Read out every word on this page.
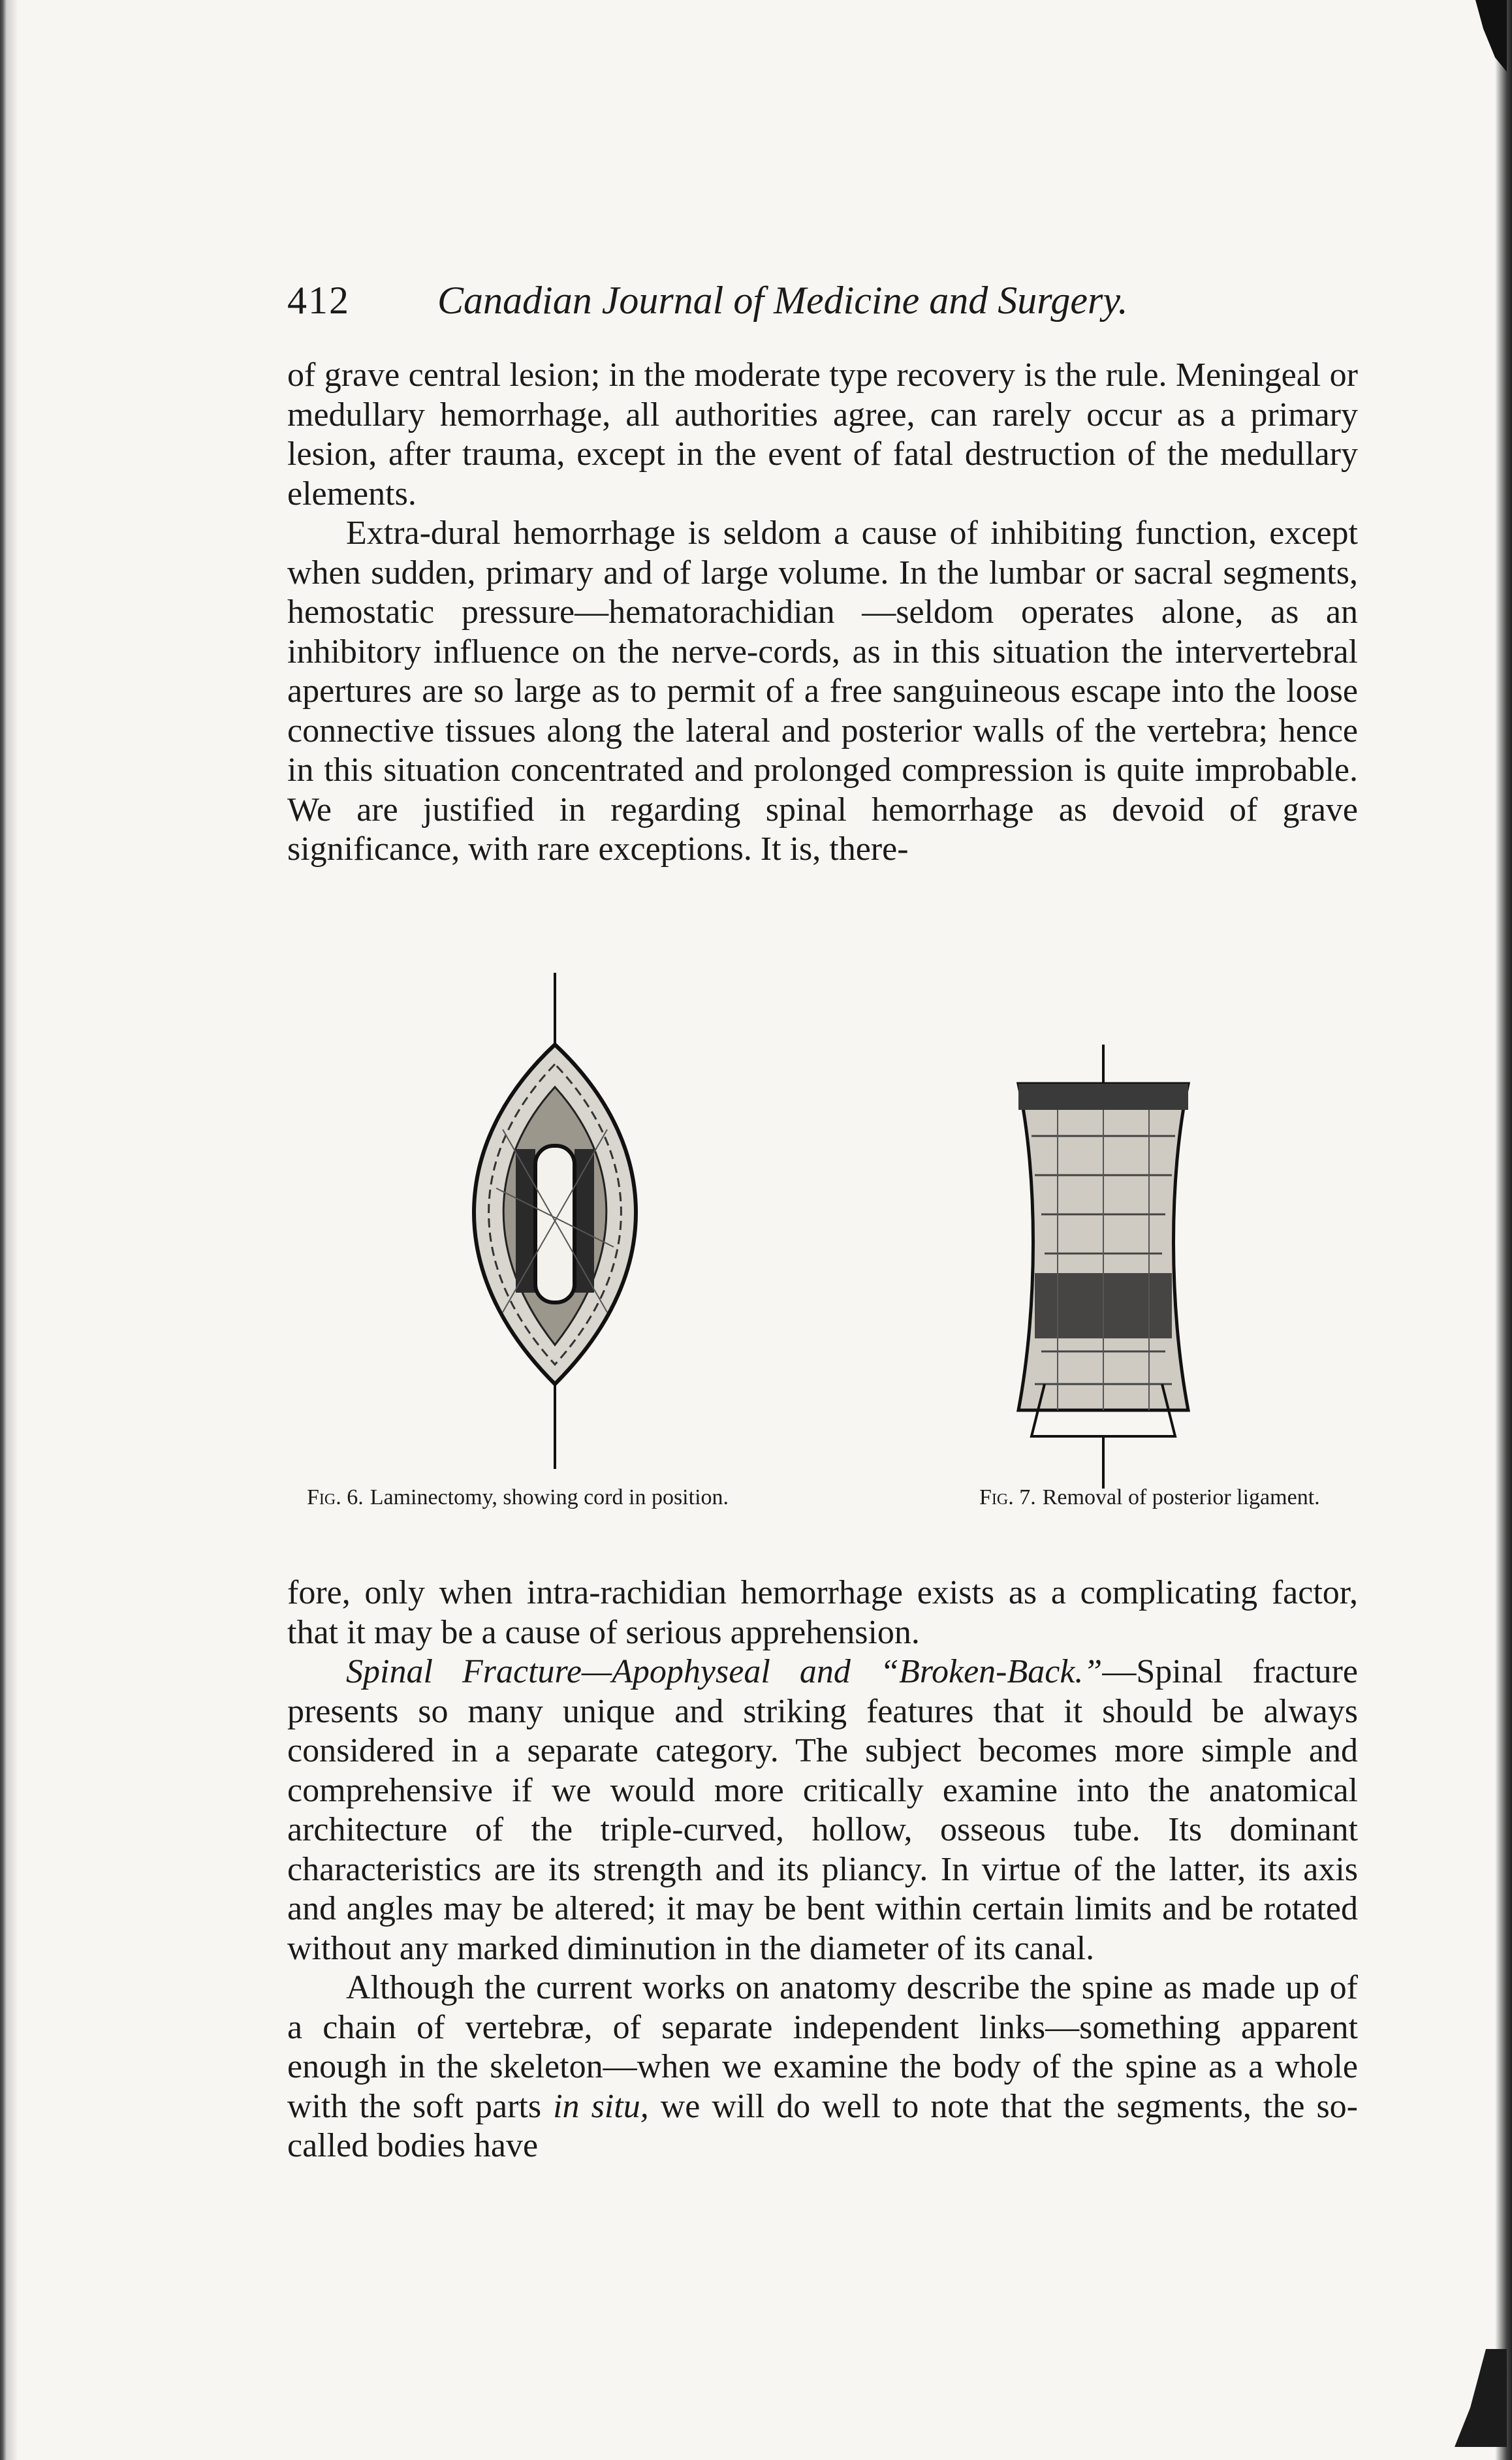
412 Canadian Journal of Medicine and Surgery.

of grave central lesion; in the moderate type recovery is the rule. Meningeal or medullary hemorrhage, all authorities agree, can rarely occur as a primary lesion, after trauma, except in the event of fatal destruction of the medullary elements.

Extra-dural hemorrhage is seldom a cause of inhibiting function, except when sudden, primary and of large volume. In the lumbar or sacral segments, hemostatic pressure—hematorachidian —seldom operates alone, as an inhibitory influence on the nerve-cords, as in this situation the intervertebral apertures are so large as to permit of a free sanguineous escape into the loose connective tissues along the lateral and posterior walls of the vertebra; hence in this situation concentrated and prolonged compression is quite improbable. We are justified in regarding spinal hemorrhage as devoid of grave significance, with rare exceptions. It is, there-

Fig. 6. Laminectomy, showing cord in position.	Fig. 7. Removal of posterior ligament.

fore, only when intra-rachidian hemorrhage exists as a complicating factor, that it may be a cause of serious apprehension.

Spinal Fracture—Apophyseal and “Broken-Back.”—Spinal fracture presents so many unique and striking features that it should be always considered in a separate category. The subject becomes more simple and comprehensive if we would more critically examine into the anatomical architecture of the triple-curved, hollow, osseous tube. Its dominant characteristics are its strength and its pliancy. In virtue of the latter, its axis and angles may be altered; it may be bent within certain limits and be rotated without any marked diminution in the diameter of its canal.

Although the current works on anatomy describe the spine as made up of a chain of vertebræ, of separate independent links—something apparent enough in the skeleton—when we examine the body of the spine as a whole with the soft parts in situ, we will do well to note that the segments, the so-called bodies have
